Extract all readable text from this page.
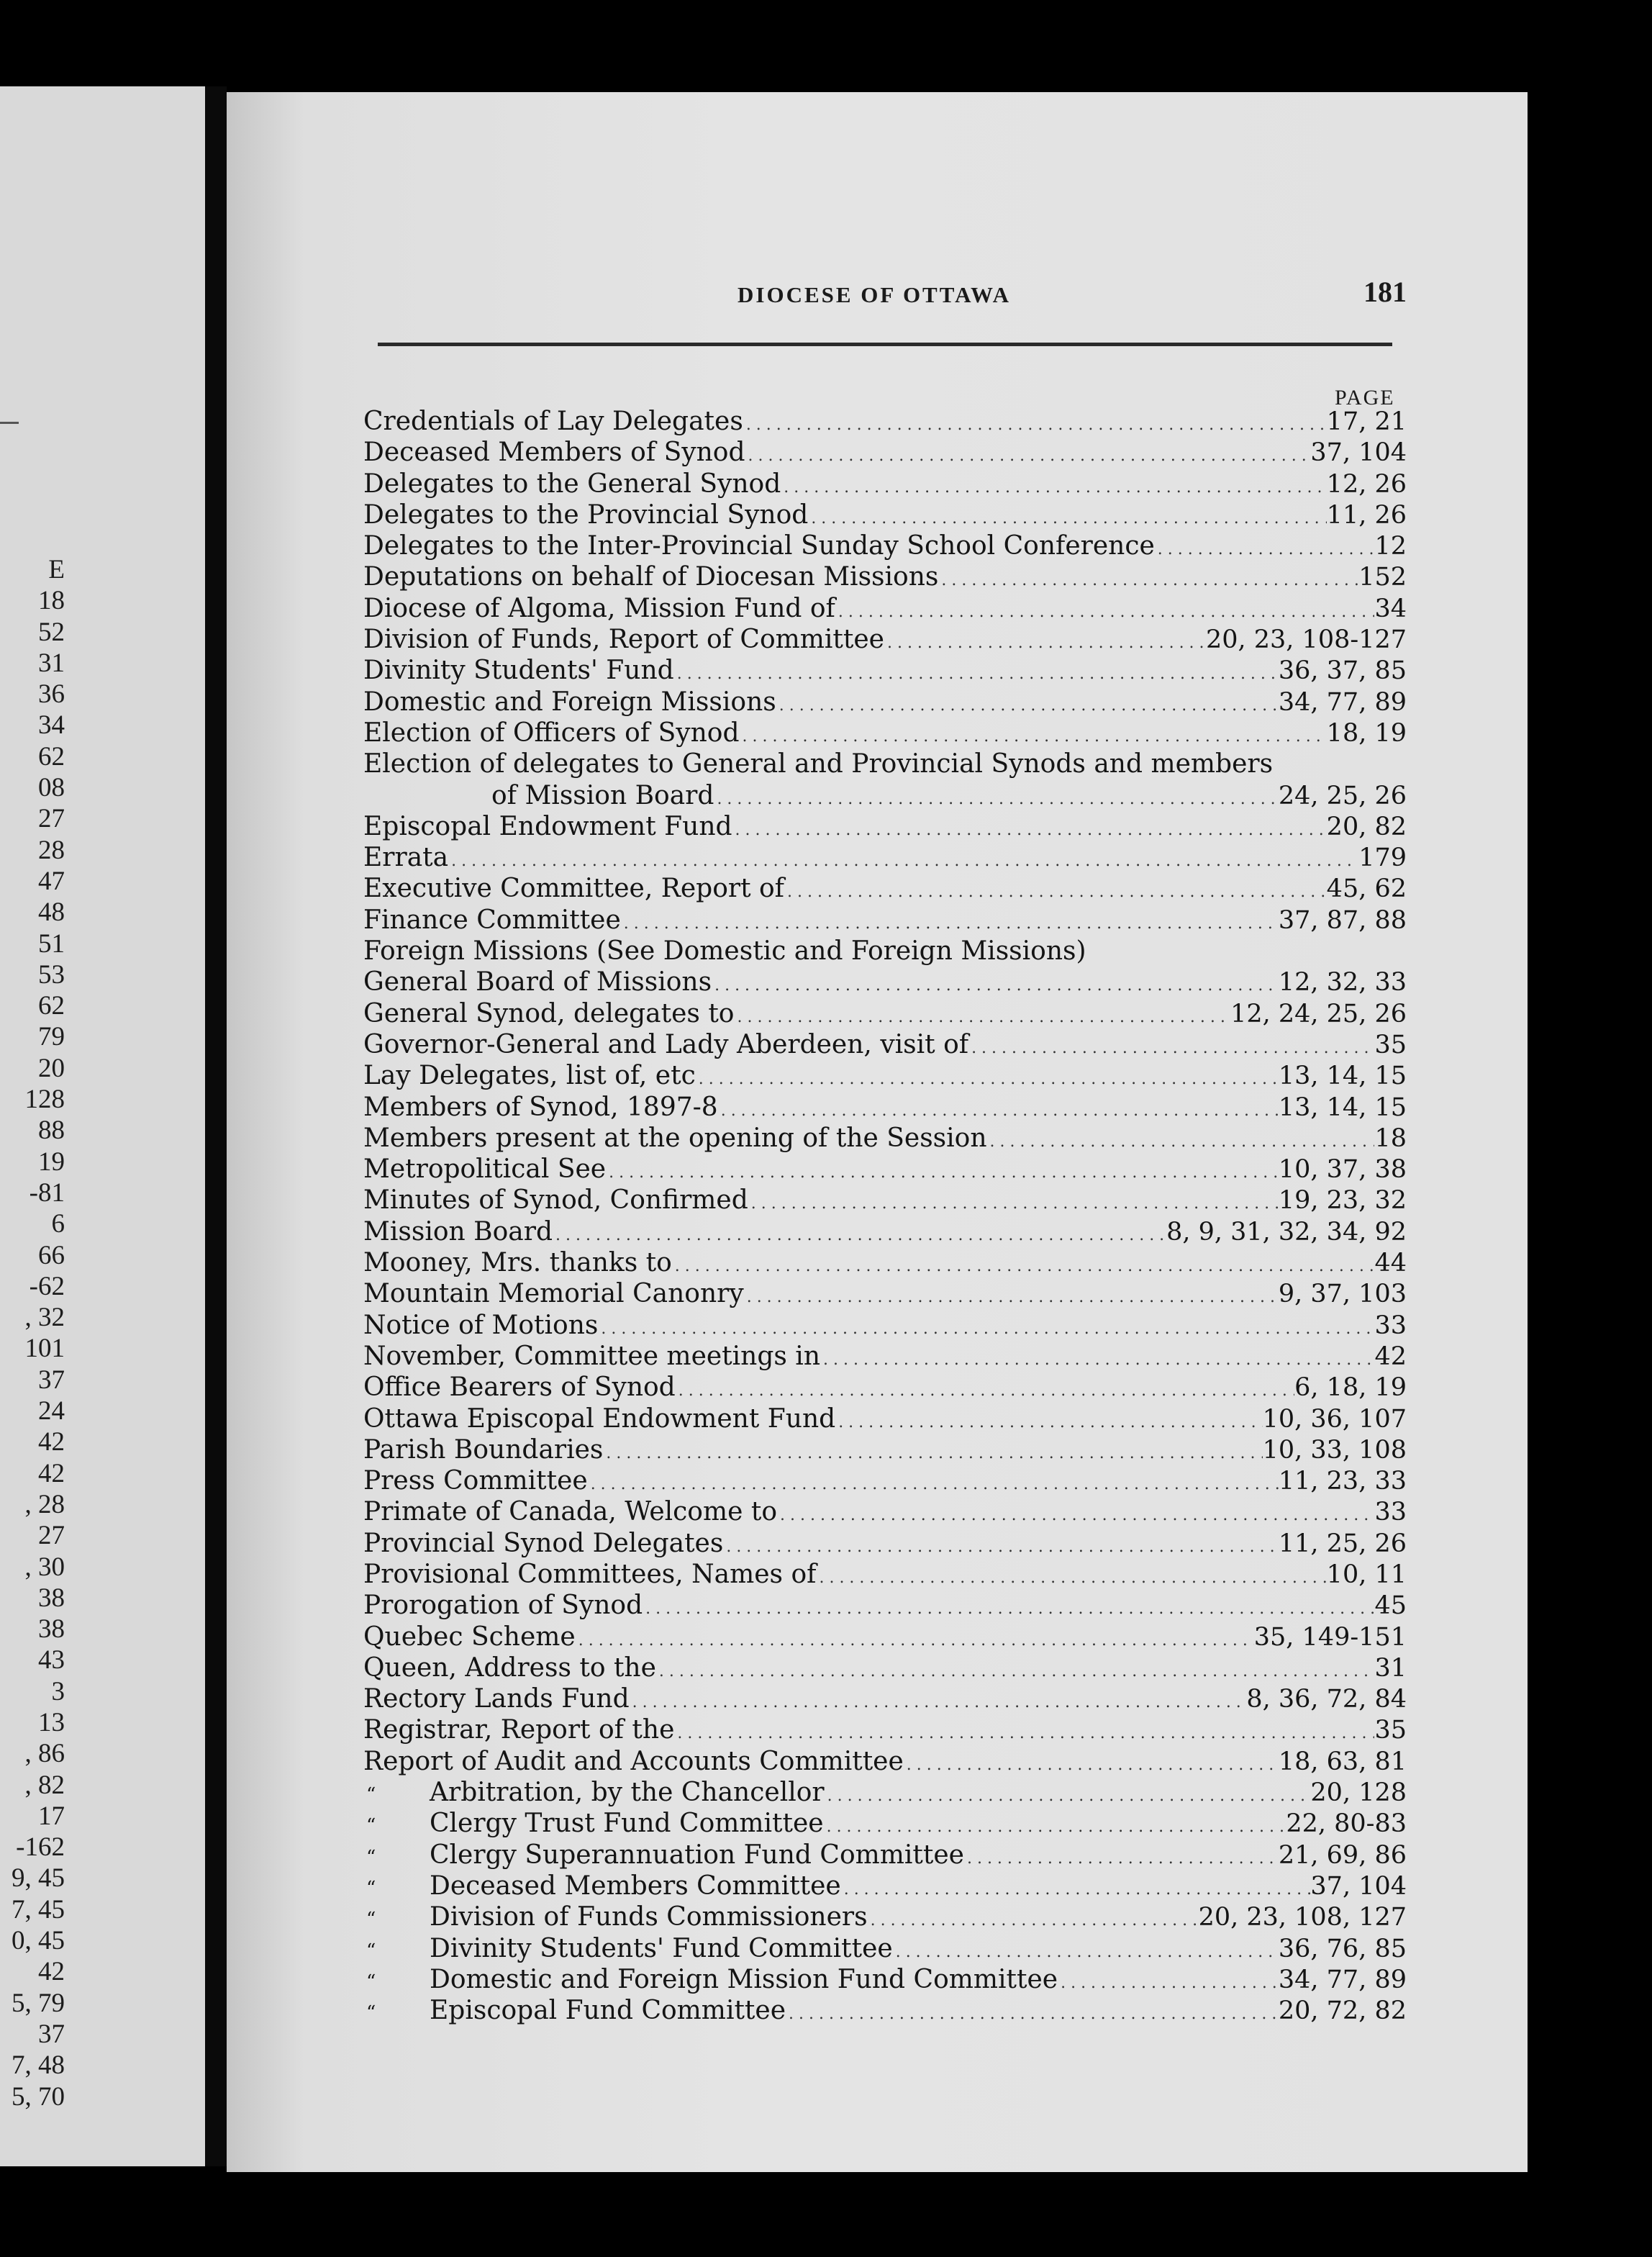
E
18
52
31
36
34
62
08
27
28
47
48
51
53
62
79
20
128
88
19
-81
6
66
-62
, 32
101
37
24
42
42
, 28
27
, 30
38
38
43
3
13
, 86
, 82
17
-162
9, 45
7, 45
0, 45
42
5, 79
37
7, 48
5, 70
DIOCESE OF OTTAWA	181
PAGE
Credentials of Lay Delegates . . .	17, 21
Deceased Members of Synod . . .	37, 104
Delegates to the General Synod . . .	12, 26
Delegates to the Provincial Synod . . .	11, 26
Delegates to the Inter-Provincial Sunday School Conference . . .	12
Deputations on behalf of Diocesan Missions . . .	152
Diocese of Algoma, Mission Fund of . . .	34
Division of Funds, Report of Committee . . .	20, 23, 108-127
Divinity Students' Fund . . .	36, 37, 85
Domestic and Foreign Missions . . .	34, 77, 89
Election of Officers of Synod . . .	18, 19
Election of delegates to General and Provincial Synods and members
of Mission Board . . .	24, 25, 26
Episcopal Endowment Fund . . .	20, 82
Errata . . .	179
Executive Committee, Report of . . .	45, 62
Finance Committee . . .	37, 87, 88
Foreign Missions (See Domestic and Foreign Missions)
General Board of Missions . . .	12, 32, 33
General Synod, delegates to . . .	12, 24, 25, 26
Governor-General and Lady Aberdeen, visit of . . .	35
Lay Delegates, list of, etc . . .	13, 14, 15
Members of Synod, 1897-8 . . .	13, 14, 15
Members present at the opening of the Session . . .	18
Metropolitical See . . .	10, 37, 38
Minutes of Synod, Confirmed . . .	19, 23, 32
Mission Board . . .	8, 9, 31, 32, 34, 92
Mooney, Mrs. thanks to . . .	44
Mountain Memorial Canonry . . .	9, 37, 103
Notice of Motions . . .	33
November, Committee meetings in . . .	42
Office Bearers of Synod . . .	6, 18, 19
Ottawa Episcopal Endowment Fund . . .	10, 36, 107
Parish Boundaries . . .	10, 33, 108
Press Committee . . .	11, 23, 33
Primate of Canada, Welcome to . . .	33
Provincial Synod Delegates . . .	11, 25, 26
Provisional Committees, Names of . . .	10, 11
Prorogation of Synod . . .	45
Quebec Scheme . . .	35, 149-151
Queen, Address to the . . .	31
Rectory Lands Fund . . .	8, 36, 72, 84
Registrar, Report of the . . .	35
Report of Audit and Accounts Committee . . .	18, 63, 81
“	Arbitration, by the Chancellor . . .	20, 128
“	Clergy Trust Fund Committee . . .	22, 80-83
“	Clergy Superannuation Fund Committee . . .	21, 69, 86
“	Deceased Members Committee . . .	37, 104
“	Division of Funds Commissioners . . .	20, 23, 108, 127
“	Divinity Students' Fund Committee . . .	36, 76, 85
“	Domestic and Foreign Mission Fund Committee . . .	34, 77, 89
“	Episcopal Fund Committee . . .	20, 72, 82
